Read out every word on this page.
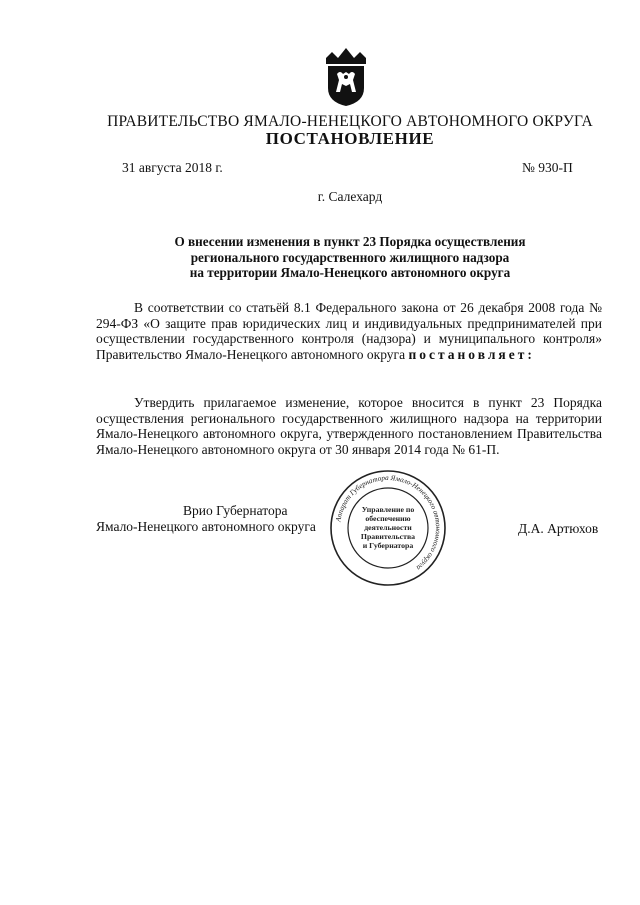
ПРАВИТЕЛЬСТВО ЯМАЛО-НЕНЕЦКОГО АВТОНОМНОГО ОКРУГА
ПОСТАНОВЛЕНИЕ
31 августа 2018 г.	№ 930-П
г. Салехард
О внесении изменения в пункт 23 Порядка осуществления
регионального государственного жилищного надзора
на территории Ямало-Ненецкого автономного округа

В соответствии со статьёй 8.1 Федерального закона от 26 декабря 2008 года № 294-ФЗ «О защите прав юридических лиц и индивидуальных предпринимателей при осуществлении государственного контроля (надзора) и муниципального контроля» Правительство Ямало-Ненецкого автономного округа постановляет:

Утвердить прилагаемое изменение, которое вносится в пункт 23 Порядка осуществления регионального государственного жилищного надзора на территории Ямало-Ненецкого автономного округа, утвержденного постановлением Правительства Ямало-Ненецкого автономного округа от 30 января 2014 года № 61-П.

Врио Губернатора
Ямало-Ненецкого автономного округа	Д.А. Артюхов
Аппарат Губернатора Ямало-Ненецкого автономного округа
Управление по
обеспечению
деятельности
Правительства
и Губернатора
